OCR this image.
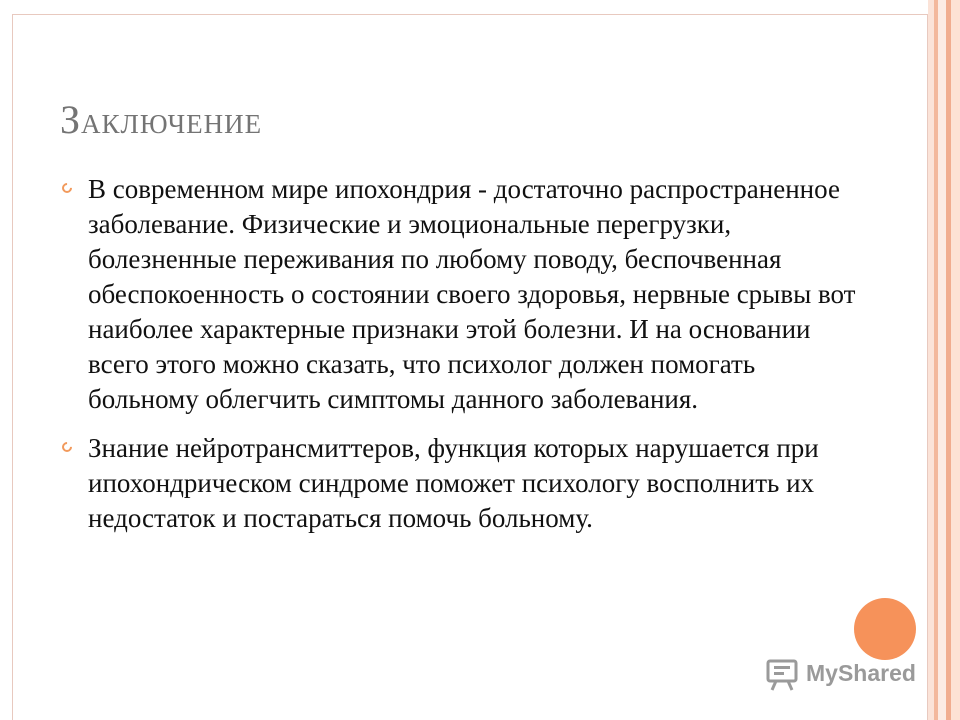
Заключение
В современном мире ипохондрия - достаточно распространенное заболевание. Физические и эмоциональные перегрузки, болезненные переживания по любому поводу, беспочвенная обеспокоенность о состоянии своего здоровья, нервные срывы вот наиболее характерные признаки этой болезни. И на основании всего этого можно сказать, что психолог должен помогать больному облегчить симптомы данного заболевания.
Знание нейротрансмиттеров, функция которых нарушается при ипохондрическом синдроме поможет психологу восполнить их недостаток и постараться помочь больному.
MyShared
